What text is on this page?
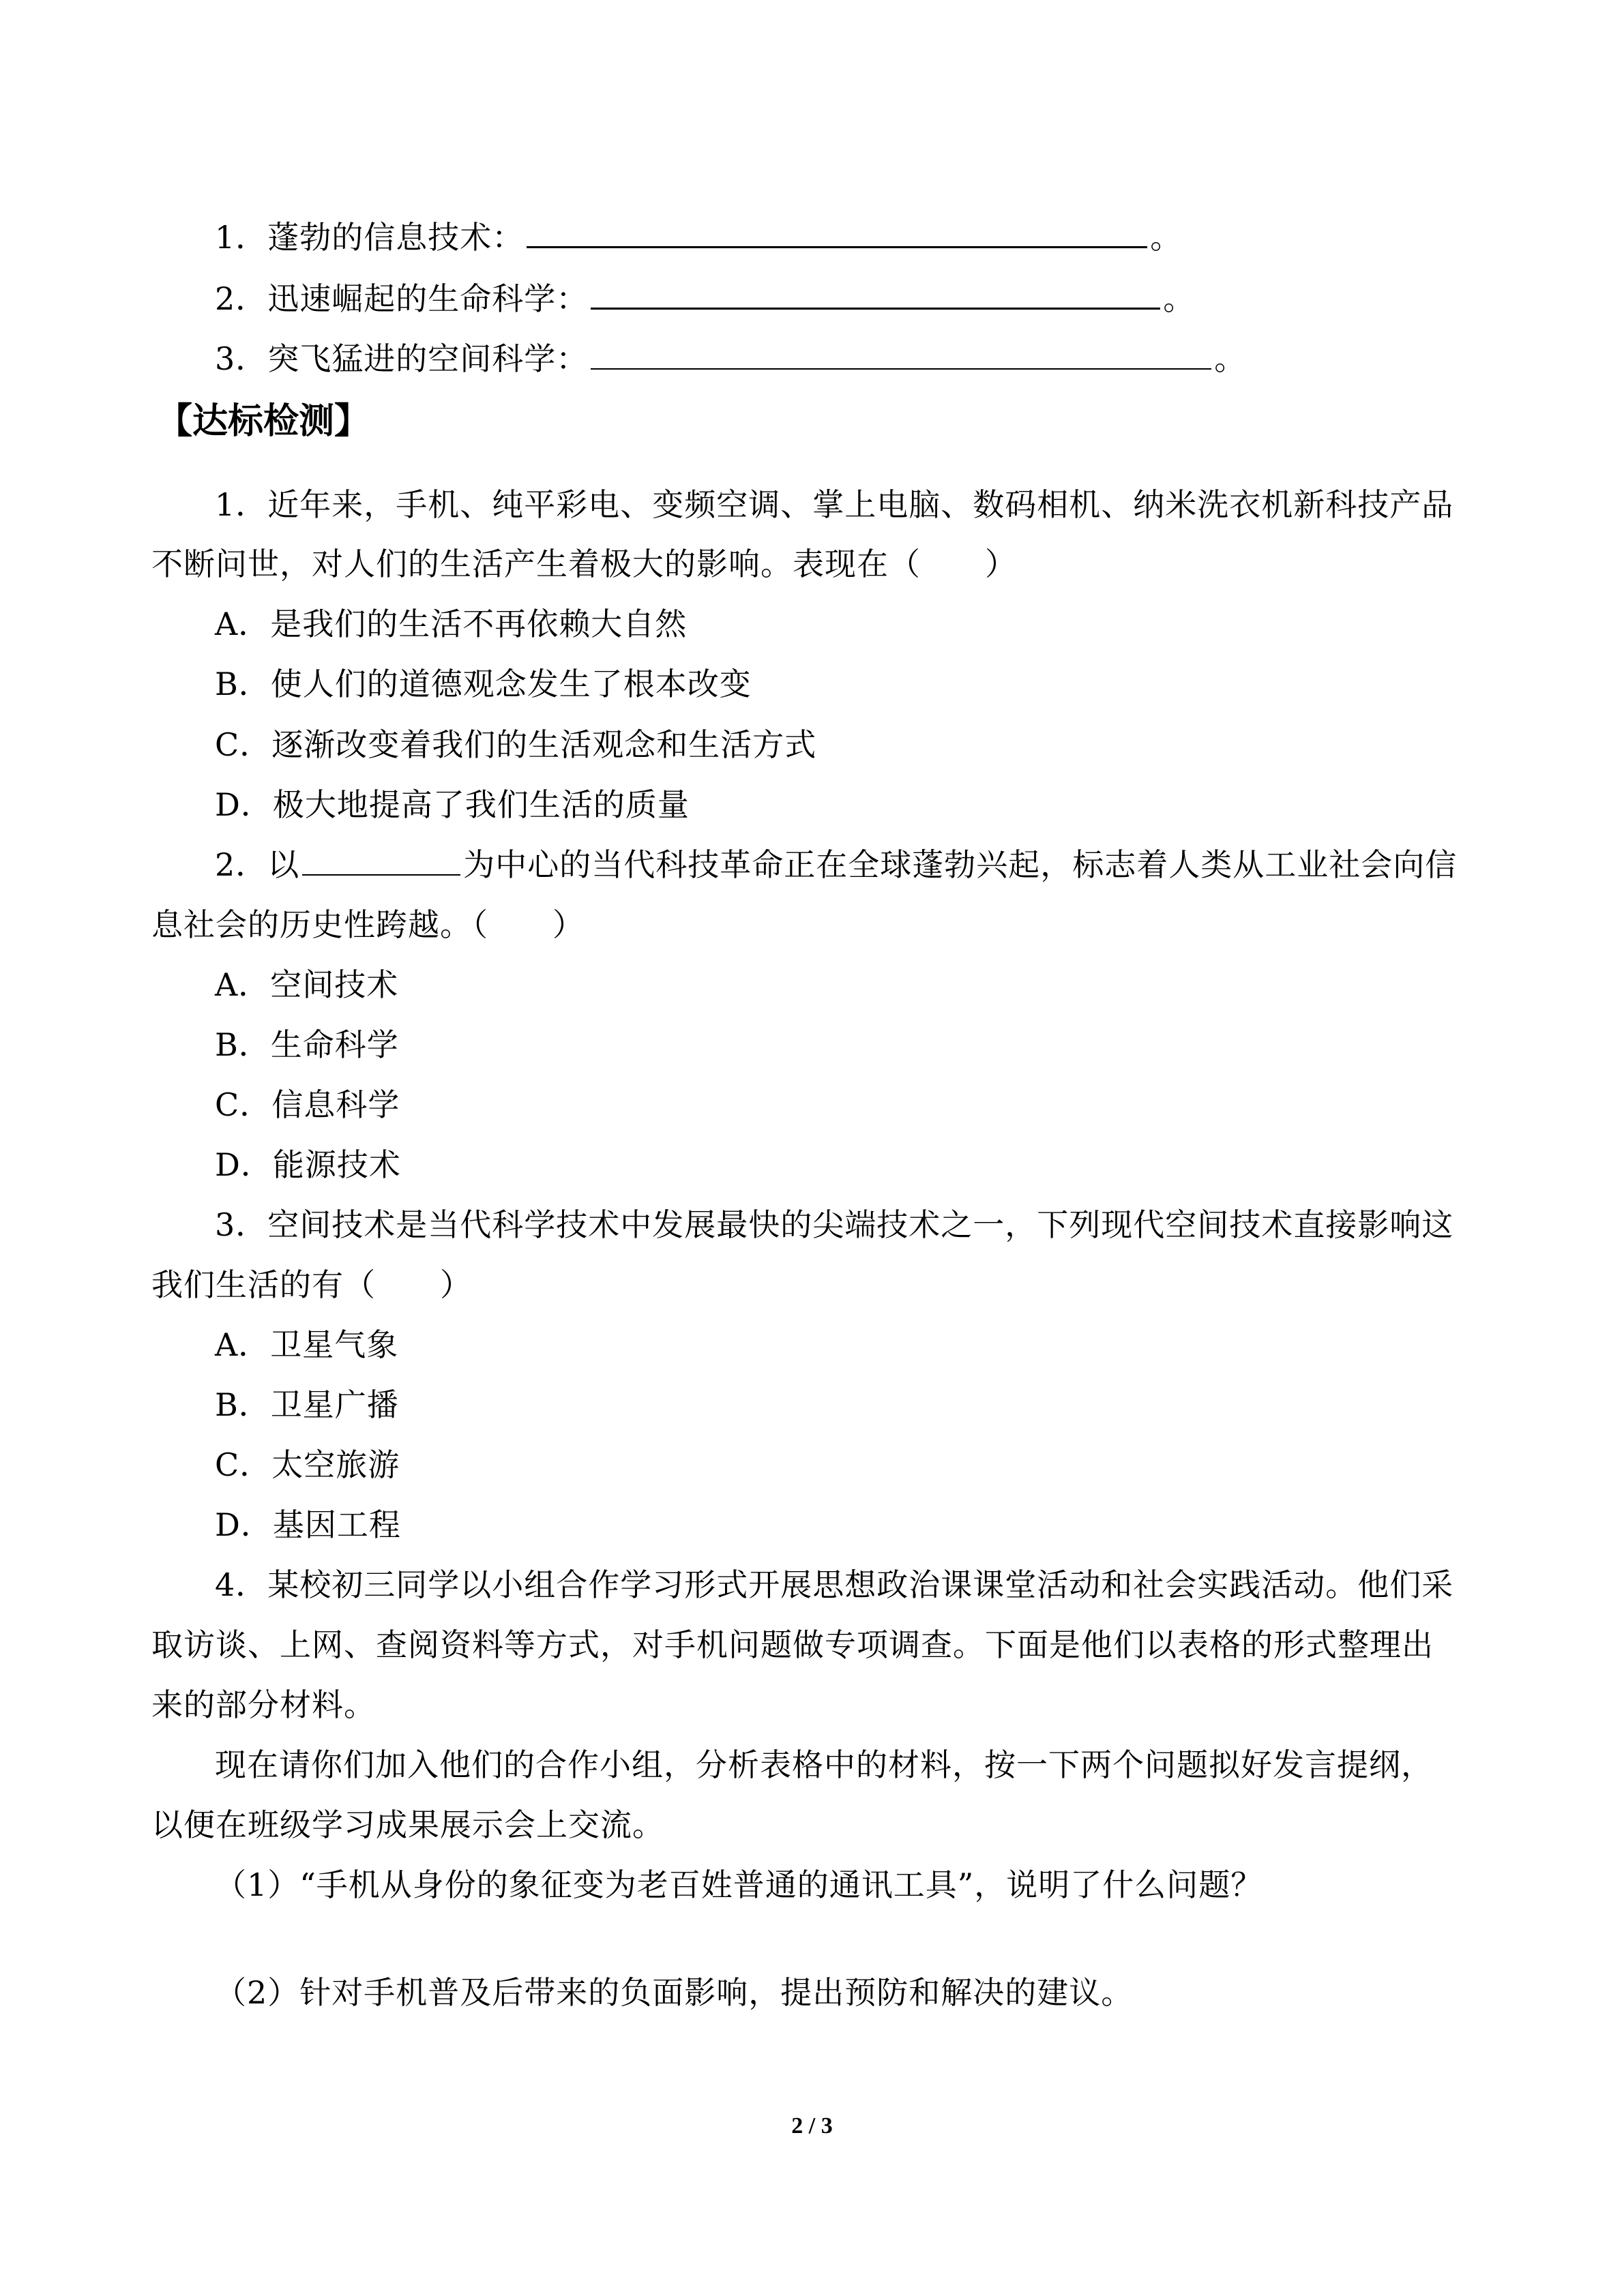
1．蓬勃的信息技术：	。
2．迅速崛起的生命科学：	。
3．突飞猛进的空间科学：	。
【达标检测】
1．近年来，手机、纯平彩电、变频空调、掌上电脑、数码相机、纳米洗衣机新科技产品
不断问世，对人们的生活产生着极大的影响。表现在（　　）
A．是我们的生活不再依赖大自然
B．使人们的道德观念发生了根本改变
C．逐渐改变着我们的生活观念和生活方式
D．极大地提高了我们生活的质量
2．以	为中心的当代科技革命正在全球蓬勃兴起，标志着人类从工业社会向信
息社会的历史性跨越。（　　）
A．空间技术
B．生命科学
C．信息科学
D．能源技术
3．空间技术是当代科学技术中发展最快的尖端技术之一，下列现代空间技术直接影响这
我们生活的有（　　）
A．卫星气象
B．卫星广播
C．太空旅游
D．基因工程
4．某校初三同学以小组合作学习形式开展思想政治课课堂活动和社会实践活动。他们采
取访谈、上网、查阅资料等方式，对手机问题做专项调查。下面是他们以表格的形式整理出
来的部分材料。
现在请你们加入他们的合作小组，分析表格中的材料，按一下两个问题拟好发言提纲，
以便在班级学习成果展示会上交流。
（1）“手机从身份的象征变为老百姓普通的通讯工具”，说明了什么问题？
（2）针对手机普及后带来的负面影响，提出预防和解决的建议。
2 / 3
